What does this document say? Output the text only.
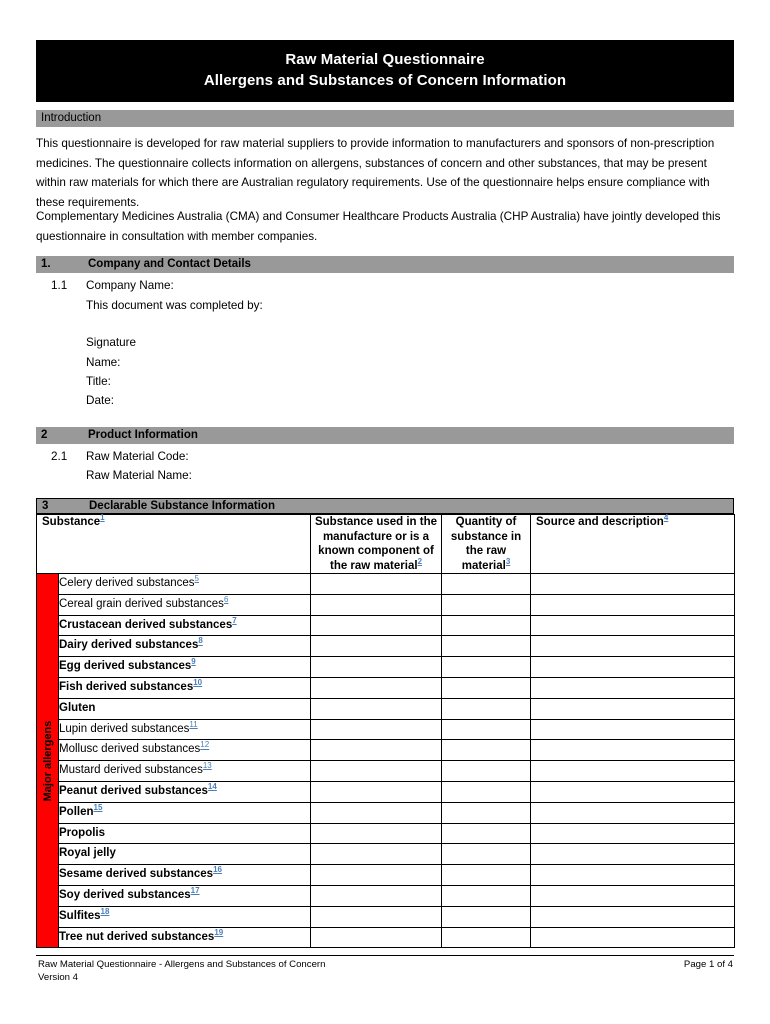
Raw Material Questionnaire
Allergens and Substances of Concern Information
Introduction
This questionnaire is developed for raw material suppliers to provide information to manufacturers and sponsors of non-prescription medicines. The questionnaire collects information on allergens, substances of concern and other substances, that may be present within raw materials for which there are Australian regulatory requirements. Use of the questionnaire helps ensure compliance with these requirements.
Complementary Medicines Australia (CMA) and Consumer Healthcare Products Australia (CHP Australia) have jointly developed this questionnaire in consultation with member companies.
1.	Company and Contact Details
1.1 Company Name:
This document was completed by:
Signature
Name:
Title:
Date:
2	Product Information
2.1 Raw Material Code:
Raw Material Name:
3	Declarable Substance Information
Substance$^1$		Substance used in the manufacture or is a known component of the raw material$^2$	Quantity of substance in the raw material$^3$	Source and description$^4$

Major allergens	Celery derived substances$^5$			
	Cereal grain derived substances$^6$			
	Crustacean derived substances$^7$			
	Dairy derived substances$^8$			
	Egg derived substances$^9$			
	Fish derived substances$^{10}$			
	Gluten			
	Lupin derived substances$^{11}$			
	Mollusc derived substances$^{12}$			
	Mustard derived substances$^{13}$			
	Peanut derived substances$^{14}$			
	Pollen$^{15}$			
	Propolis			
	Royal jelly			
	Sesame derived substances$^{16}$			
	Soy derived substances$^{17}$			
	Sulfites$^{18}$			
	Tree nut derived substances$^{19}$			
Raw Material Questionnaire - Allergens and Substances of Concern
Version 4
Page 1 of 4
